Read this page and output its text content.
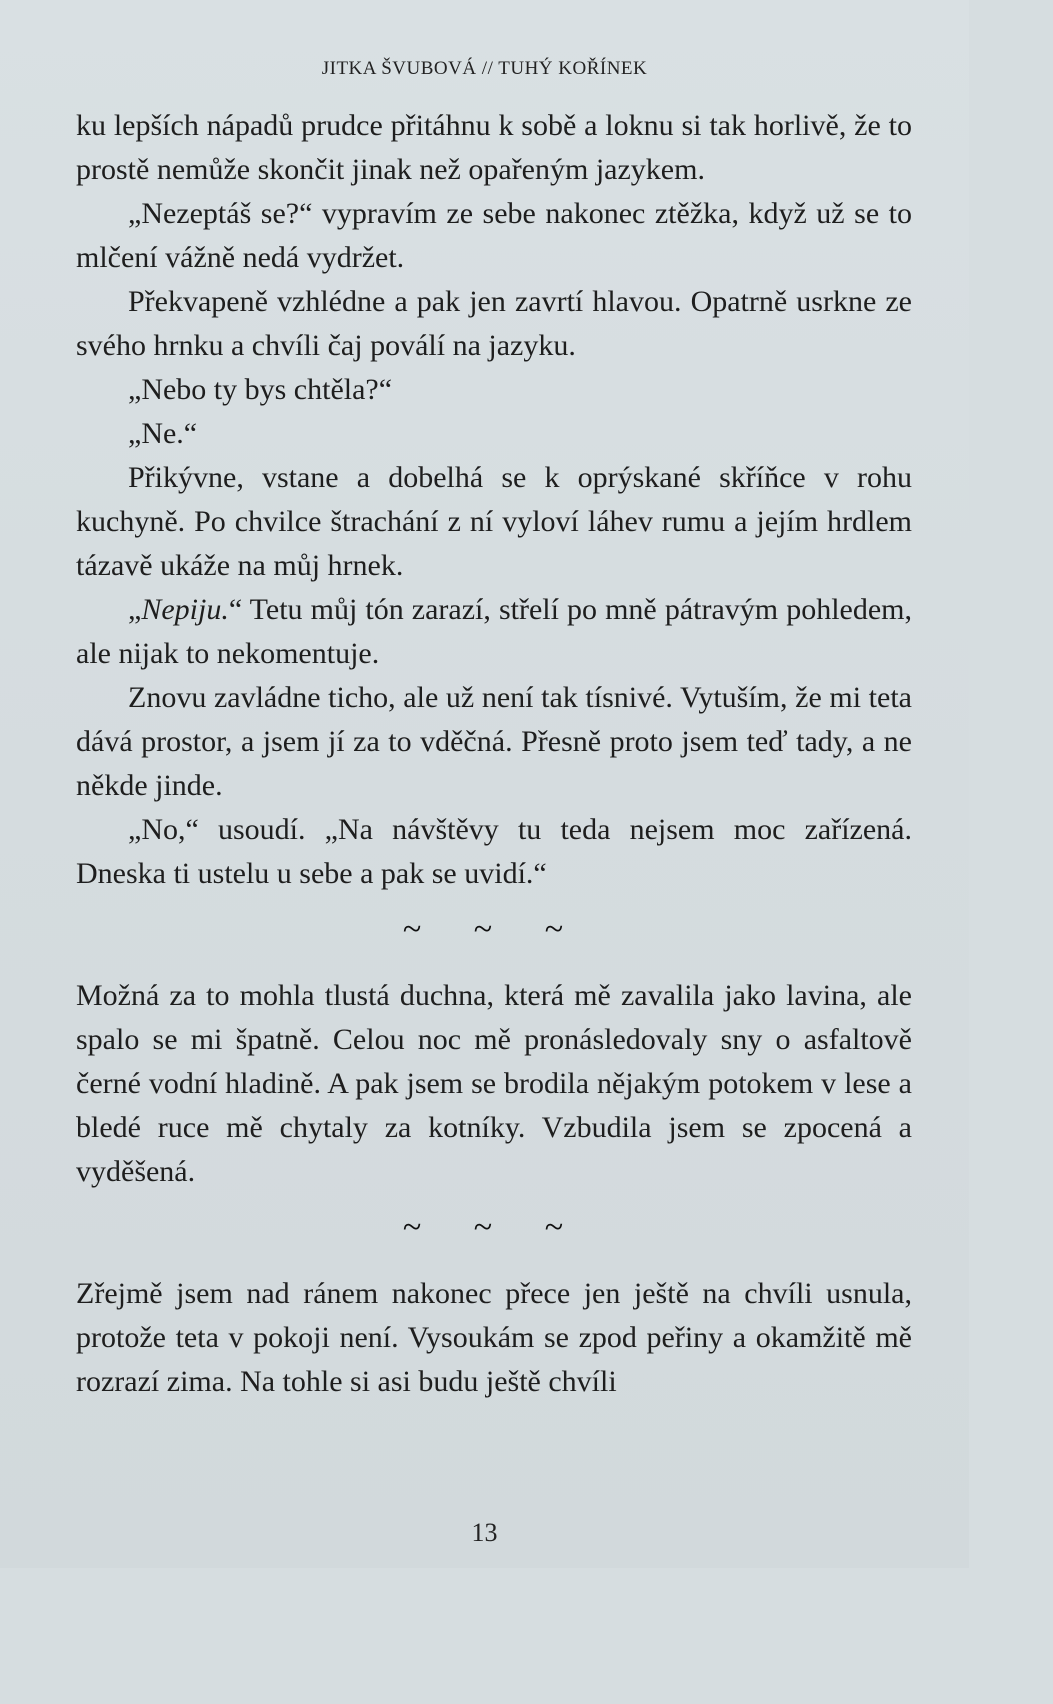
JITKA ŠVUBOVÁ // TUHÝ KOŘÍNEK

ku lepších nápadů prudce přitáhnu k sobě a loknu si tak horlivě, že to prostě nemůže skončit jinak než opařeným jazykem.

„Nezeptáš se?“ vypravím ze sebe nakonec ztěžka, když už se to mlčení vážně nedá vydržet.

Překvapeně vzhlédne a pak jen zavrtí hlavou. Opatrně usrkne ze svého hrnku a chvíli čaj poválí na jazyku.

„Nebo ty bys chtěla?“

„Ne.“

Přikývne, vstane a dobelhá se k oprýskané skříňce v rohu kuchyně. Po chvilce štrachání z ní vyloví láhev rumu a jejím hrdlem tázavě ukáže na můj hrnek.

„Nepiju.“ Tetu můj tón zarazí, střelí po mně pátravým pohledem, ale nijak to nekomentuje.

Znovu zavládne ticho, ale už není tak tísnivé. Vytuším, že mi teta dává prostor, a jsem jí za to vděčná. Přesně proto jsem teď tady, a ne někde jinde.

„No,“ usoudí. „Na návštěvy tu teda nejsem moc zařízená. Dneska ti ustelu u sebe a pak se uvidí.“

~ ~ ~

Možná za to mohla tlustá duchna, která mě zavalila jako lavina, ale spalo se mi špatně. Celou noc mě pronásledovaly sny o asfaltově černé vodní hladině. A pak jsem se brodila nějakým potokem v lese a bledé ruce mě chytaly za kotníky. Vzbudila jsem se zpocená a vyděšená.

~ ~ ~

Zřejmě jsem nad ránem nakonec přece jen ještě na chvíli usnula, protože teta v pokoji není. Vysoukám se zpod peřiny a okamžitě mě rozrazí zima. Na tohle si asi budu ještě chvíli

13
